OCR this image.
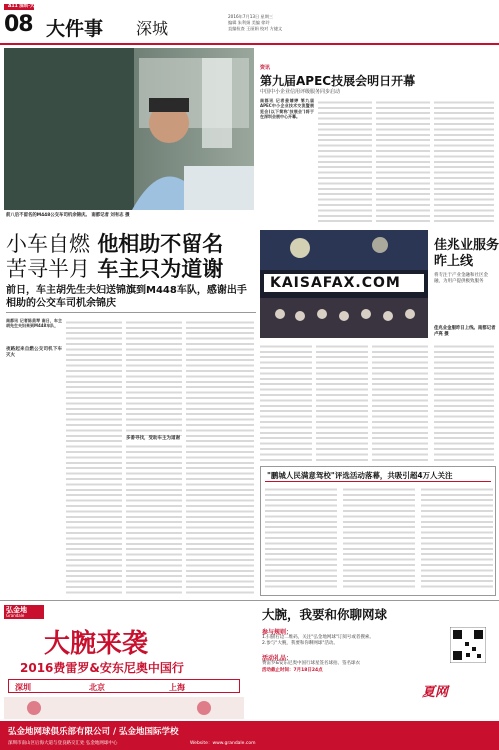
A11 深圳·大件事
08 大件事 深城
2016年7月13日 星期三
编辑 朱利娟 美编 徐玲
直编检查 王丽娟 校对 方捷文
前八后不留名的M448公交车司机余锦庆。 南都记者 刘有志 摄
小车自燃 他相助不留名
苦寻半月 车主只为道谢
前日，车主胡先生夫妇送锦旗到M448车队，感谢出手相助的公交车司机余锦庆
南都讯 记者陈美琴 南日，车主胡先生夫妇来到M448车队，
夜路起来自燃公交司机下车灭火
多番寻找，受助车主为道谢
资讯
第九届APEC技展会明日开幕
中国中小企业信用评级服务同步启动
南都讯 记者姜婧婷 第九届APEC中小企业技术交流暨展览会(以下简称'技展会')将于在深圳会展中心开幕。
KAISAFAX.COM
佳兆业服务
昨上线
将专注于产业金融和社区金融，为用户提供极致服务
佳兆业金服昨日上线。南都记者 卢亮 摄
"鹏城人民满意驾校"评选活动落幕，共吸引超4万人关注
弘金地
Grandale
大腕来袭
2016费雷罗&安东尼奥中国行
深圳	北京	上海
大腕，我要和你聊网球
参与规则：
1.扫描右边二维码，关注"弘金地网球"订阅号或者搜索。
2.参与"大腕，我要和你聊网球"活动。
活动礼品：
费雷罗&安东尼奥中国行球星签名球拍、签名球衣
活动截止时间：7月18日24点
夏网
弘金地网球俱乐部有限公司 / 弘金地国际学校
深圳市南山区后海大道与登良路交汇处 弘金地网球中心	Website：www.grandale.com
